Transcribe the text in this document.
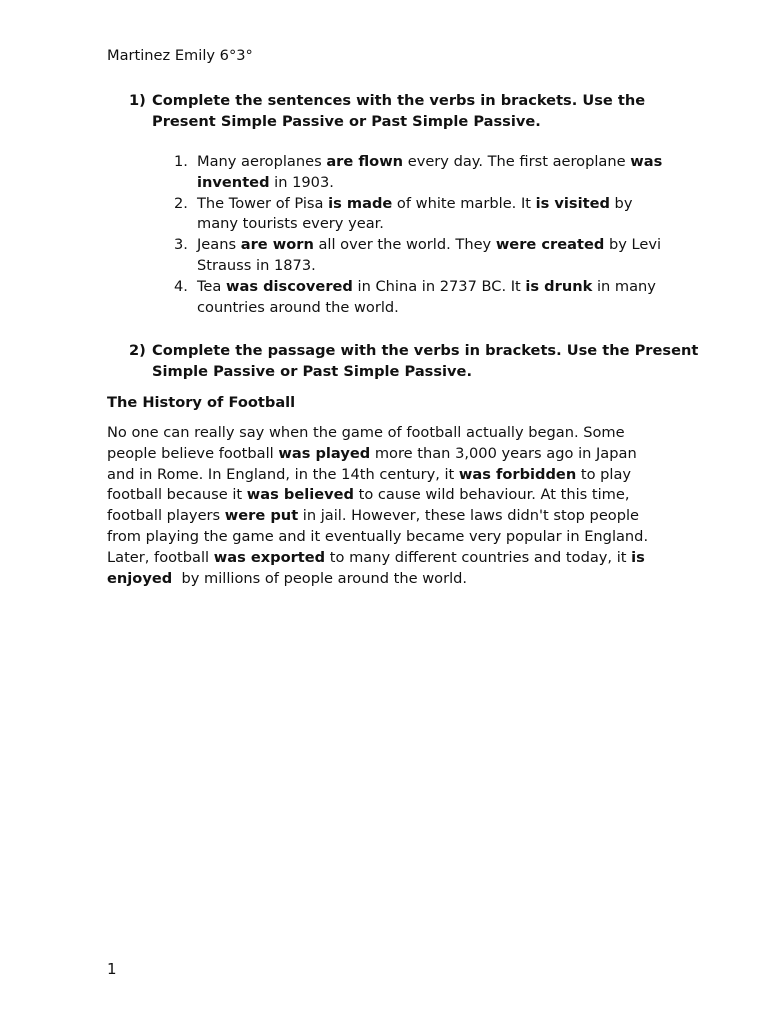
Martinez Emily 6°3°

1) Complete the sentences with the verbs in brackets. Use the Present Simple Passive or Past Simple Passive.

1. Many aeroplanes are flown every day. The first aeroplane was invented in 1903.
2. The Tower of Pisa is made of white marble. It is visited by many tourists every year.
3. Jeans are worn all over the world. They were created by Levi Strauss in 1873.
4. Tea was discovered in China in 2737 BC. It is drunk in many countries around the world.

2) Complete the passage with the verbs in brackets. Use the Present Simple Passive or Past Simple Passive.

The History of Football

No one can really say when the game of football actually began. Some people believe football was played more than 3,000 years ago in Japan and in Rome. In England, in the 14th century, it was forbidden to play football because it was believed to cause wild behaviour. At this time, football players were put in jail. However, these laws didn't stop people from playing the game and it eventually became very popular in England. Later, football was exported to many different countries and today, it is enjoyed  by millions of people around the world.

1
